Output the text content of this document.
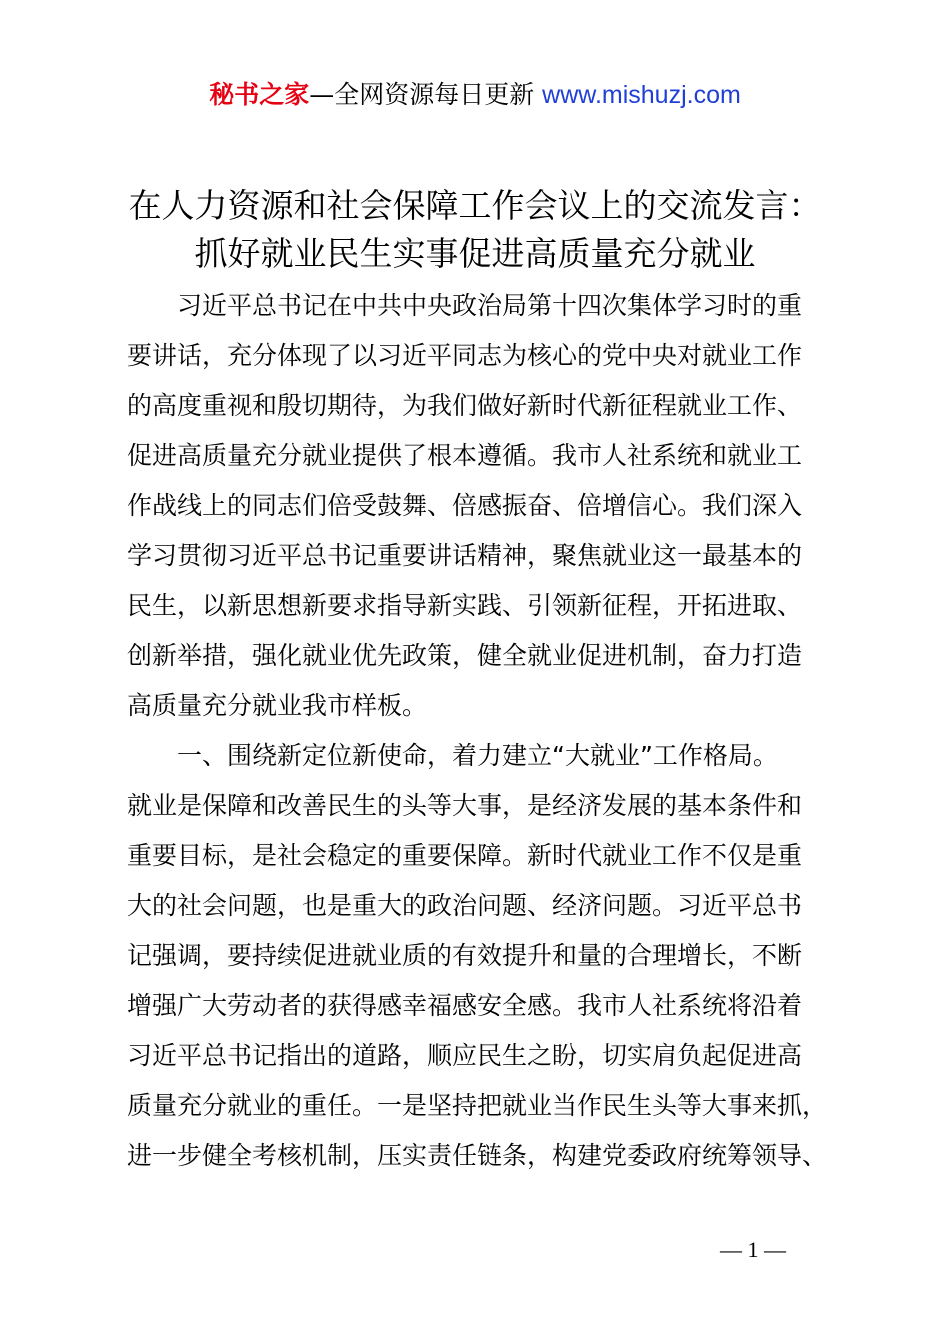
秘书之家—全网资源每日更新 www.mishuzj.com
在人力资源和社会保障工作会议上的交流发言：
抓好就业民生实事促进高质量充分就业
习近平总书记在中共中央政治局第十四次集体学习时的重
要讲话，充分体现了以习近平同志为核心的党中央对就业工作
的高度重视和殷切期待，为我们做好新时代新征程就业工作、
促进高质量充分就业提供了根本遵循。我市人社系统和就业工
作战线上的同志们倍受鼓舞、倍感振奋、倍增信心。我们深入
学习贯彻习近平总书记重要讲话精神，聚焦就业这一最基本的
民生，以新思想新要求指导新实践、引领新征程，开拓进取、
创新举措，强化就业优先政策，健全就业促进机制，奋力打造
高质量充分就业我市样板。
一、围绕新定位新使命，着力建立“大就业”工作格局。
就业是保障和改善民生的头等大事，是经济发展的基本条件和
重要目标，是社会稳定的重要保障。新时代就业工作不仅是重
大的社会问题，也是重大的政治问题、经济问题。习近平总书
记强调，要持续促进就业质的有效提升和量的合理增长，不断
增强广大劳动者的获得感幸福感安全感。我市人社系统将沿着
习近平总书记指出的道路，顺应民生之盼，切实肩负起促进高
质量充分就业的重任。一是坚持把就业当作民生头等大事来抓，
进一步健全考核机制，压实责任链条，构建党委政府统筹领导、
— 1 —
